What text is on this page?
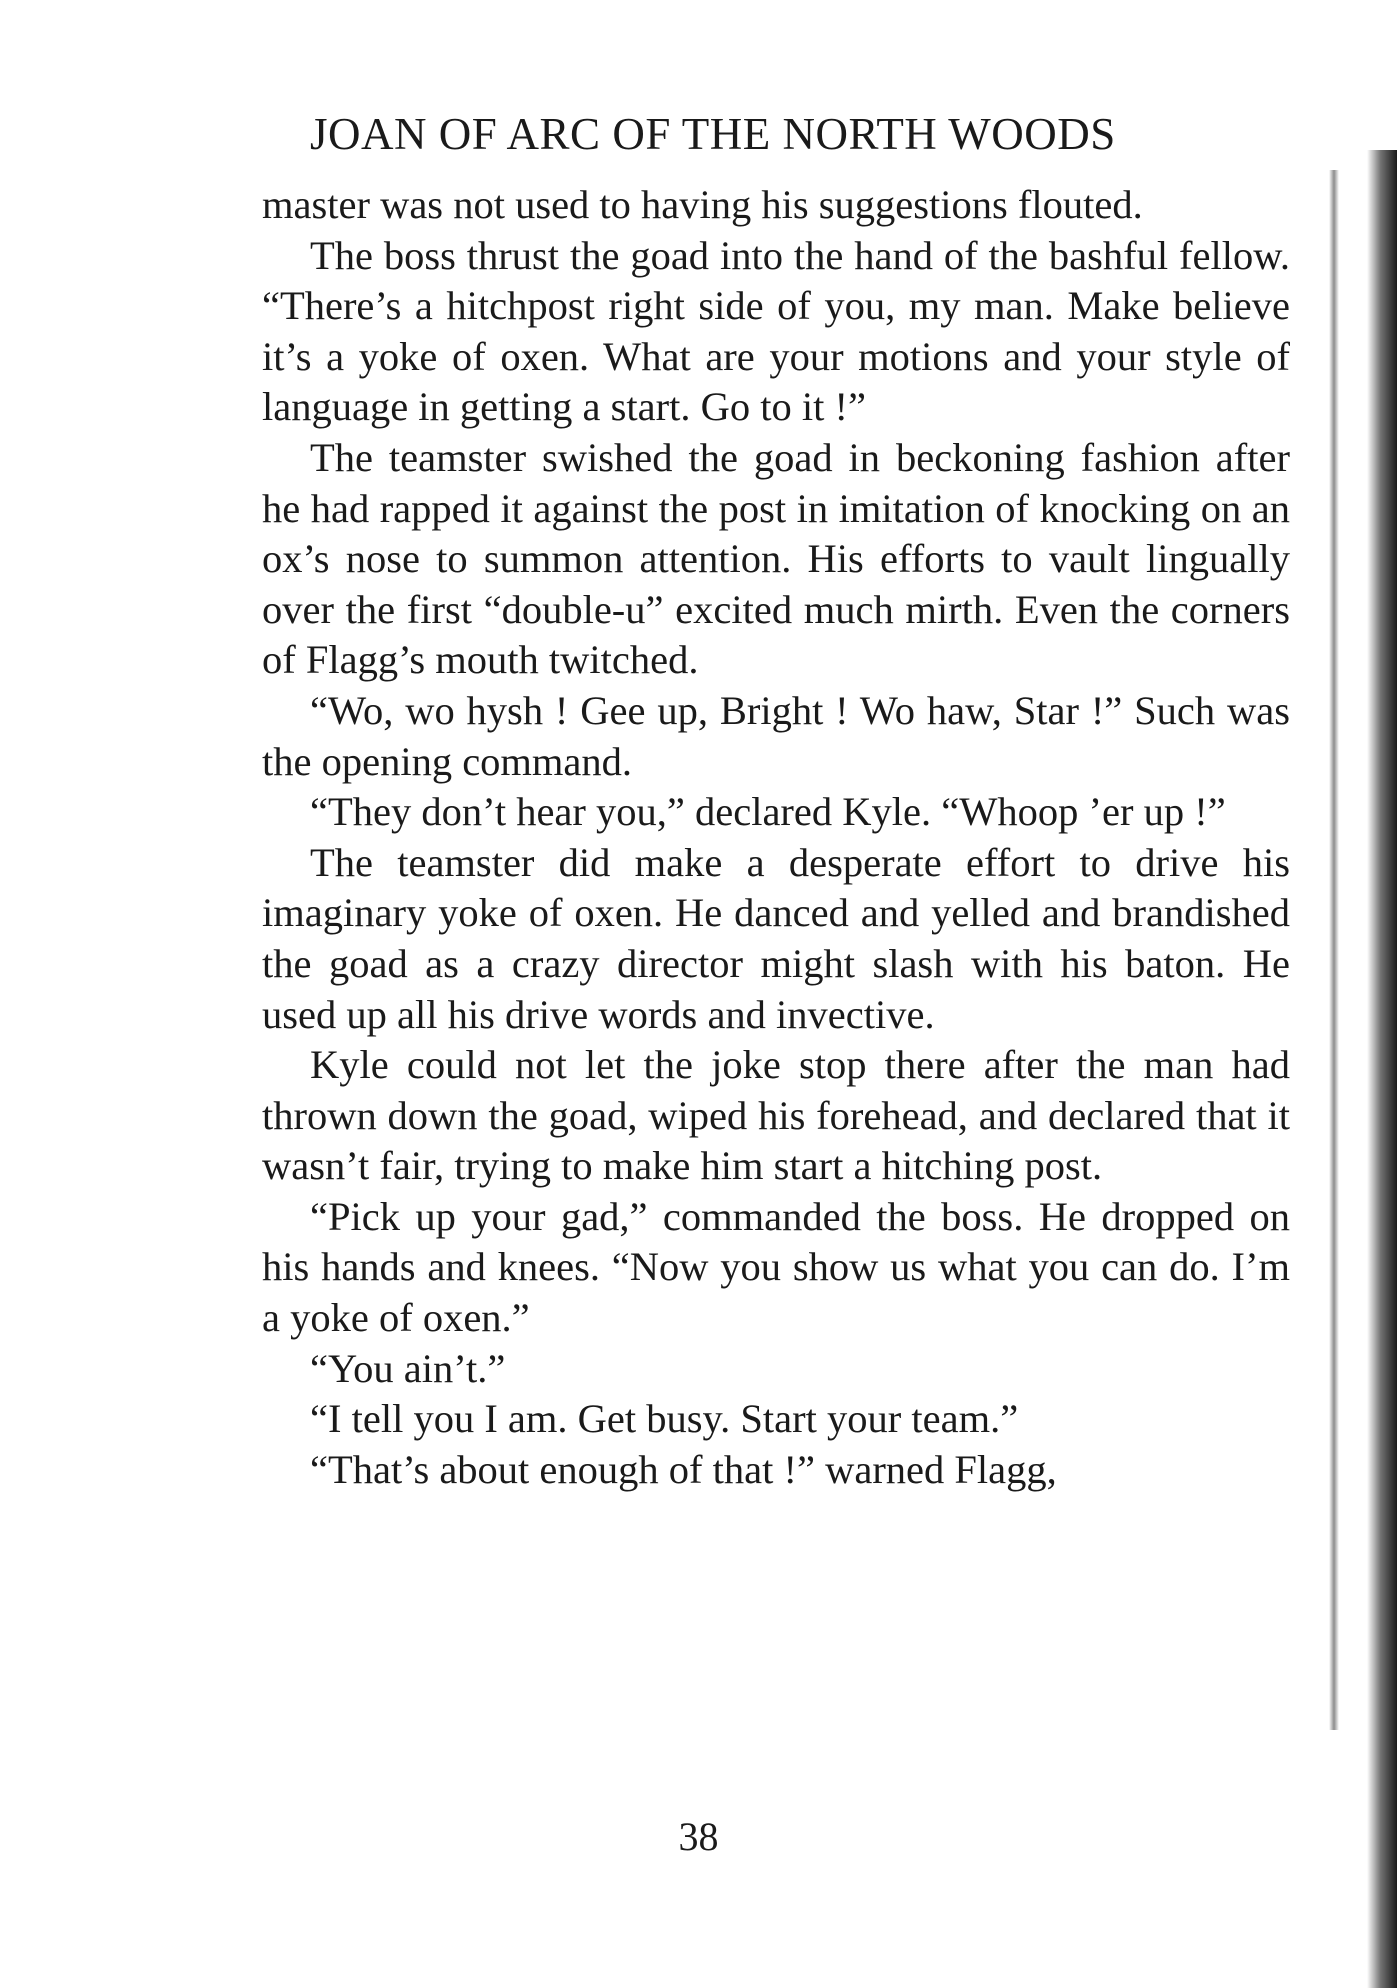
JOAN OF ARC OF THE NORTH WOODS

master was not used to having his suggestions flouted.

The boss thrust the goad into the hand of the bashful fellow. “There’s a hitchpost right side of you, my man. Make believe it’s a yoke of oxen. What are your motions and your style of language in getting a start. Go to it !”

The teamster swished the goad in beckoning fashion after he had rapped it against the post in imitation of knocking on an ox’s nose to summon attention. His efforts to vault lingually over the first “double-u” excited much mirth. Even the corners of Flagg’s mouth twitched.

“Wo, wo hysh ! Gee up, Bright ! Wo haw, Star !” Such was the opening command.

“They don’t hear you,” declared Kyle. “Whoop ’er up !”

The teamster did make a desperate effort to drive his imaginary yoke of oxen. He danced and yelled and brandished the goad as a crazy director might slash with his baton. He used up all his drive words and invective.

Kyle could not let the joke stop there after the man had thrown down the goad, wiped his forehead, and declared that it wasn’t fair, trying to make him start a hitching post.

“Pick up your gad,” commanded the boss. He dropped on his hands and knees. “Now you show us what you can do. I’m a yoke of oxen.”

“You ain’t.”

“I tell you I am. Get busy. Start your team.”

“That’s about enough of that !” warned Flagg,

38
